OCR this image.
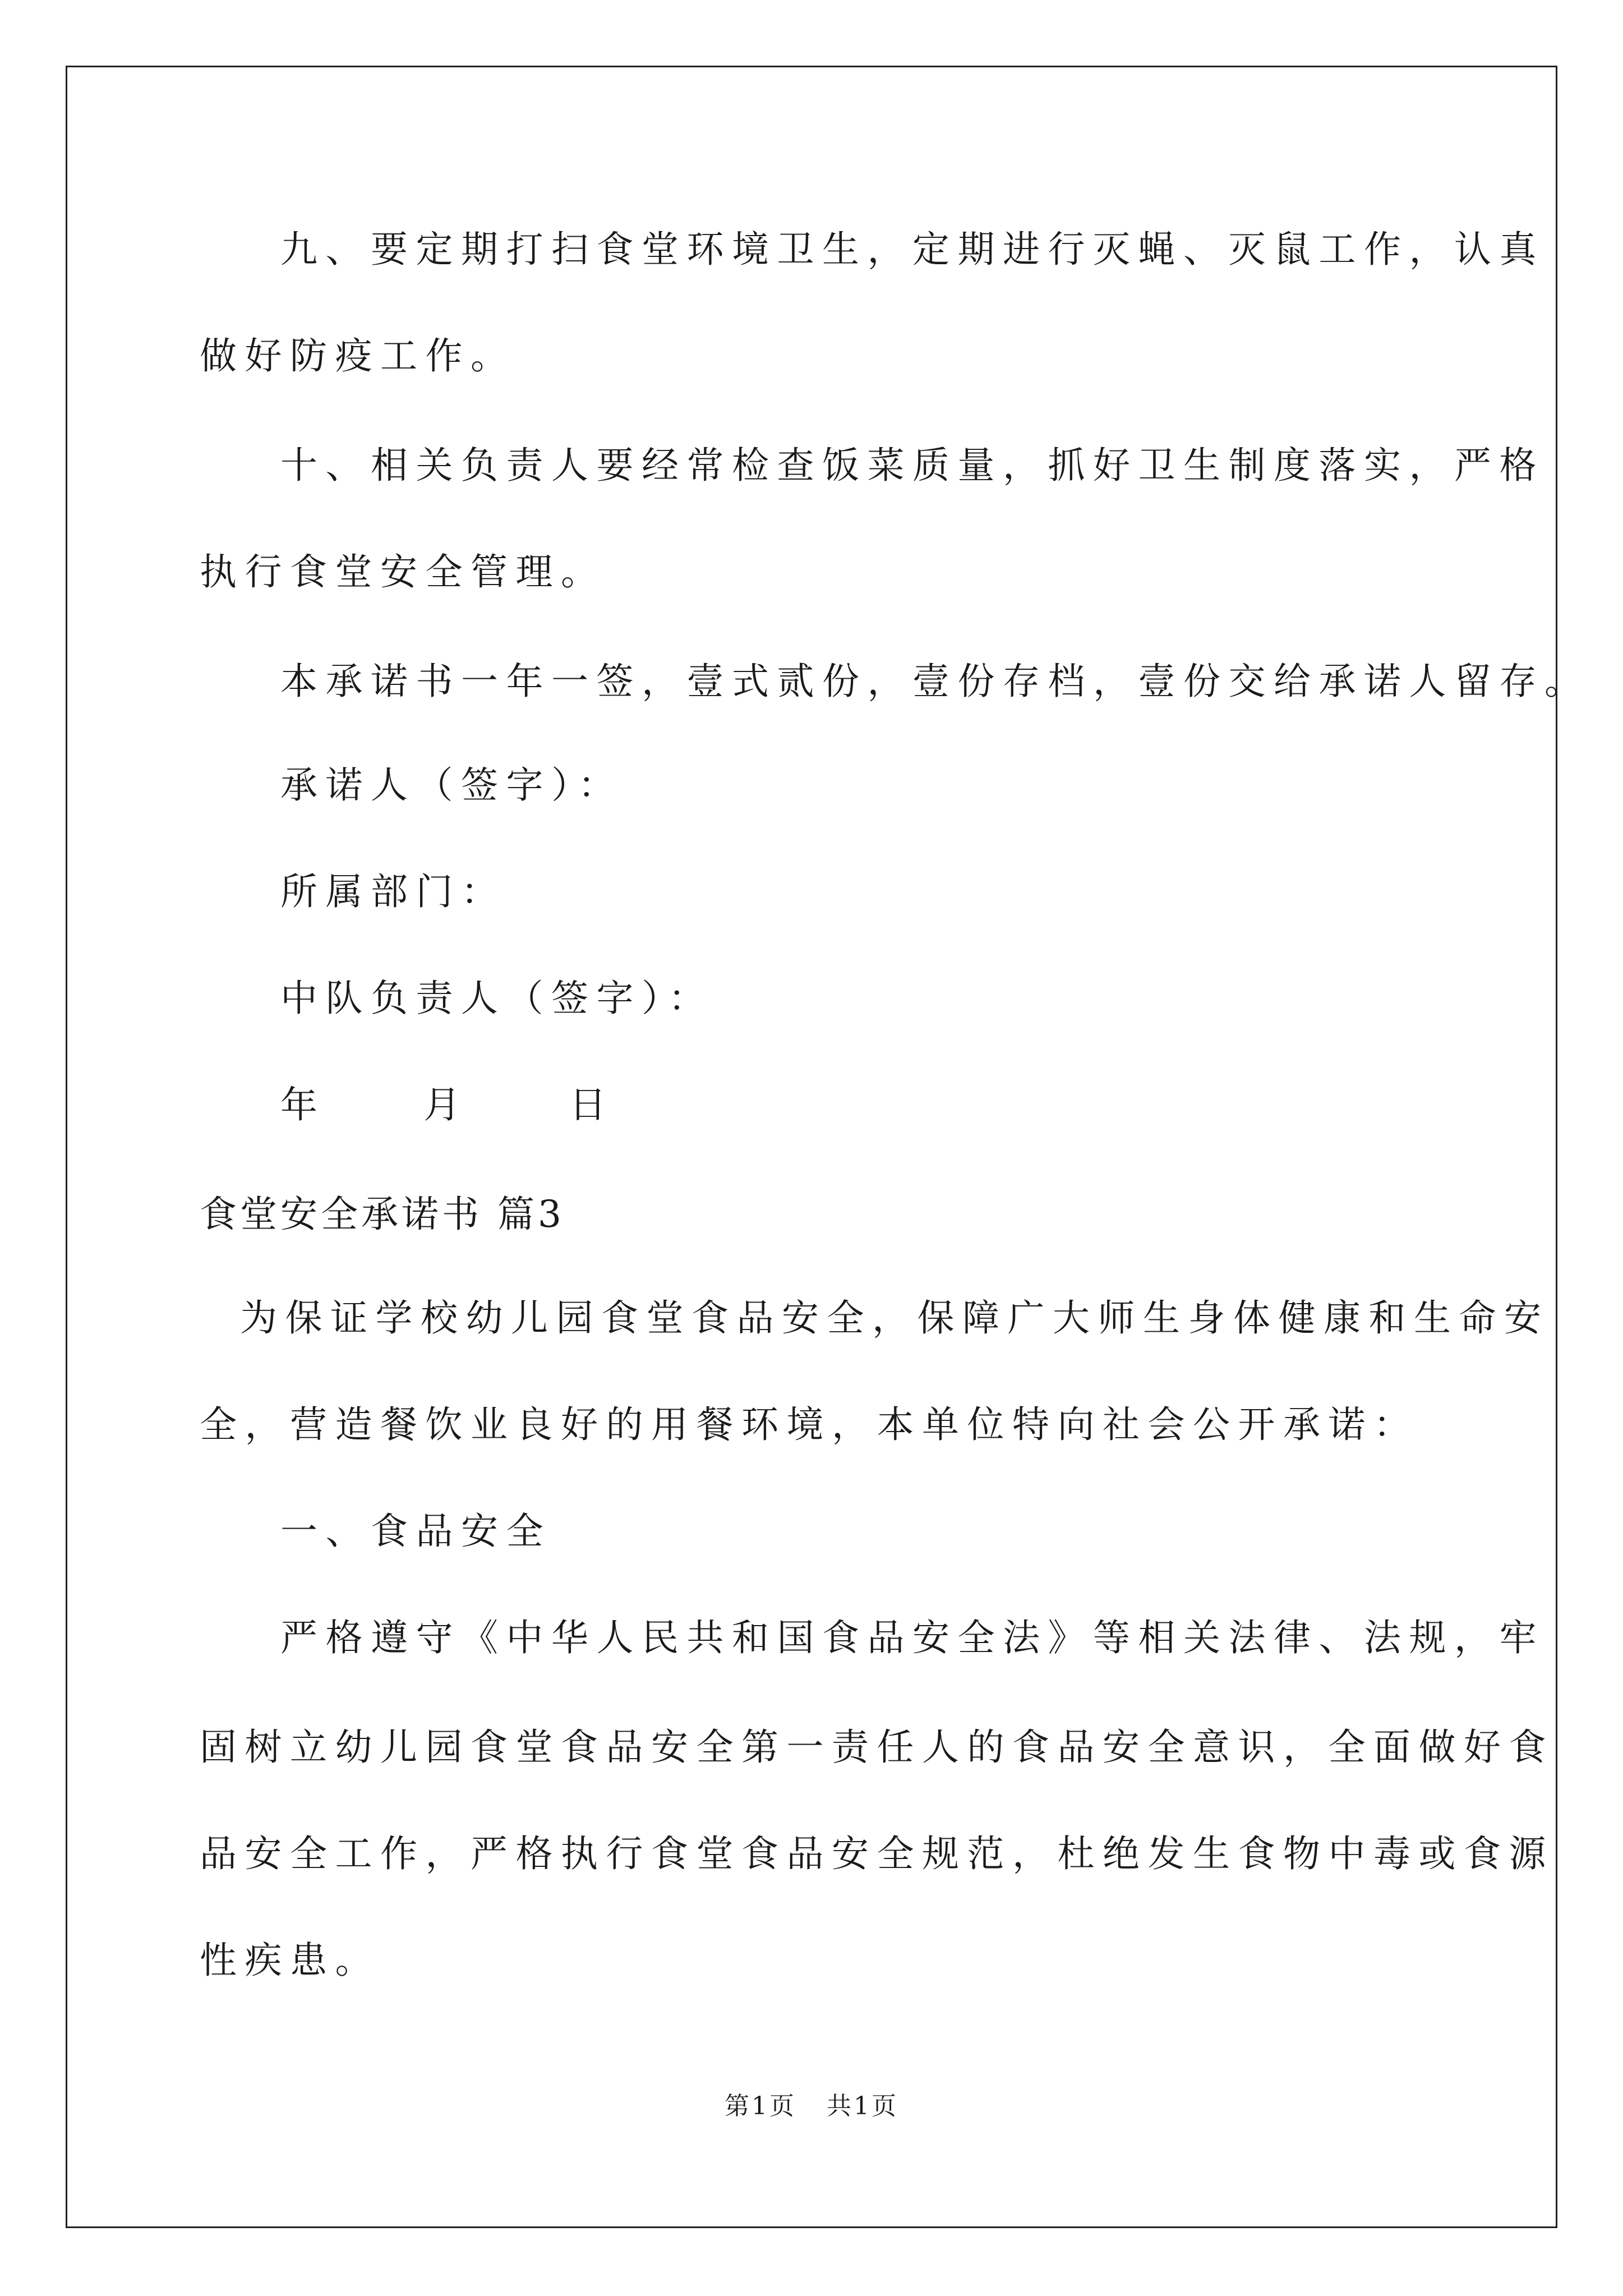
九、要定期打扫食堂环境卫生，定期进行灭蝇、灭鼠工作，认真
做好防疫工作。
十、相关负责人要经常检查饭菜质量，抓好卫生制度落实，严格
执行食堂安全管理。
本承诺书一年一签，壹式贰份，壹份存档，壹份交给承诺人留存。
承诺人（签字）：
所属部门：
中队负责人（签字）：
年	月	日
食堂安全承诺书 篇3
为保证学校幼儿园食堂食品安全，保障广大师生身体健康和生命安
全，营造餐饮业良好的用餐环境，本单位特向社会公开承诺：
一、食品安全
严格遵守《中华人民共和国食品安全法》等相关法律、法规，牢
固树立幼儿园食堂食品安全第一责任人的食品安全意识，全面做好食
品安全工作，严格执行食堂食品安全规范，杜绝发生食物中毒或食源
性疾患。
第1页   共1页
